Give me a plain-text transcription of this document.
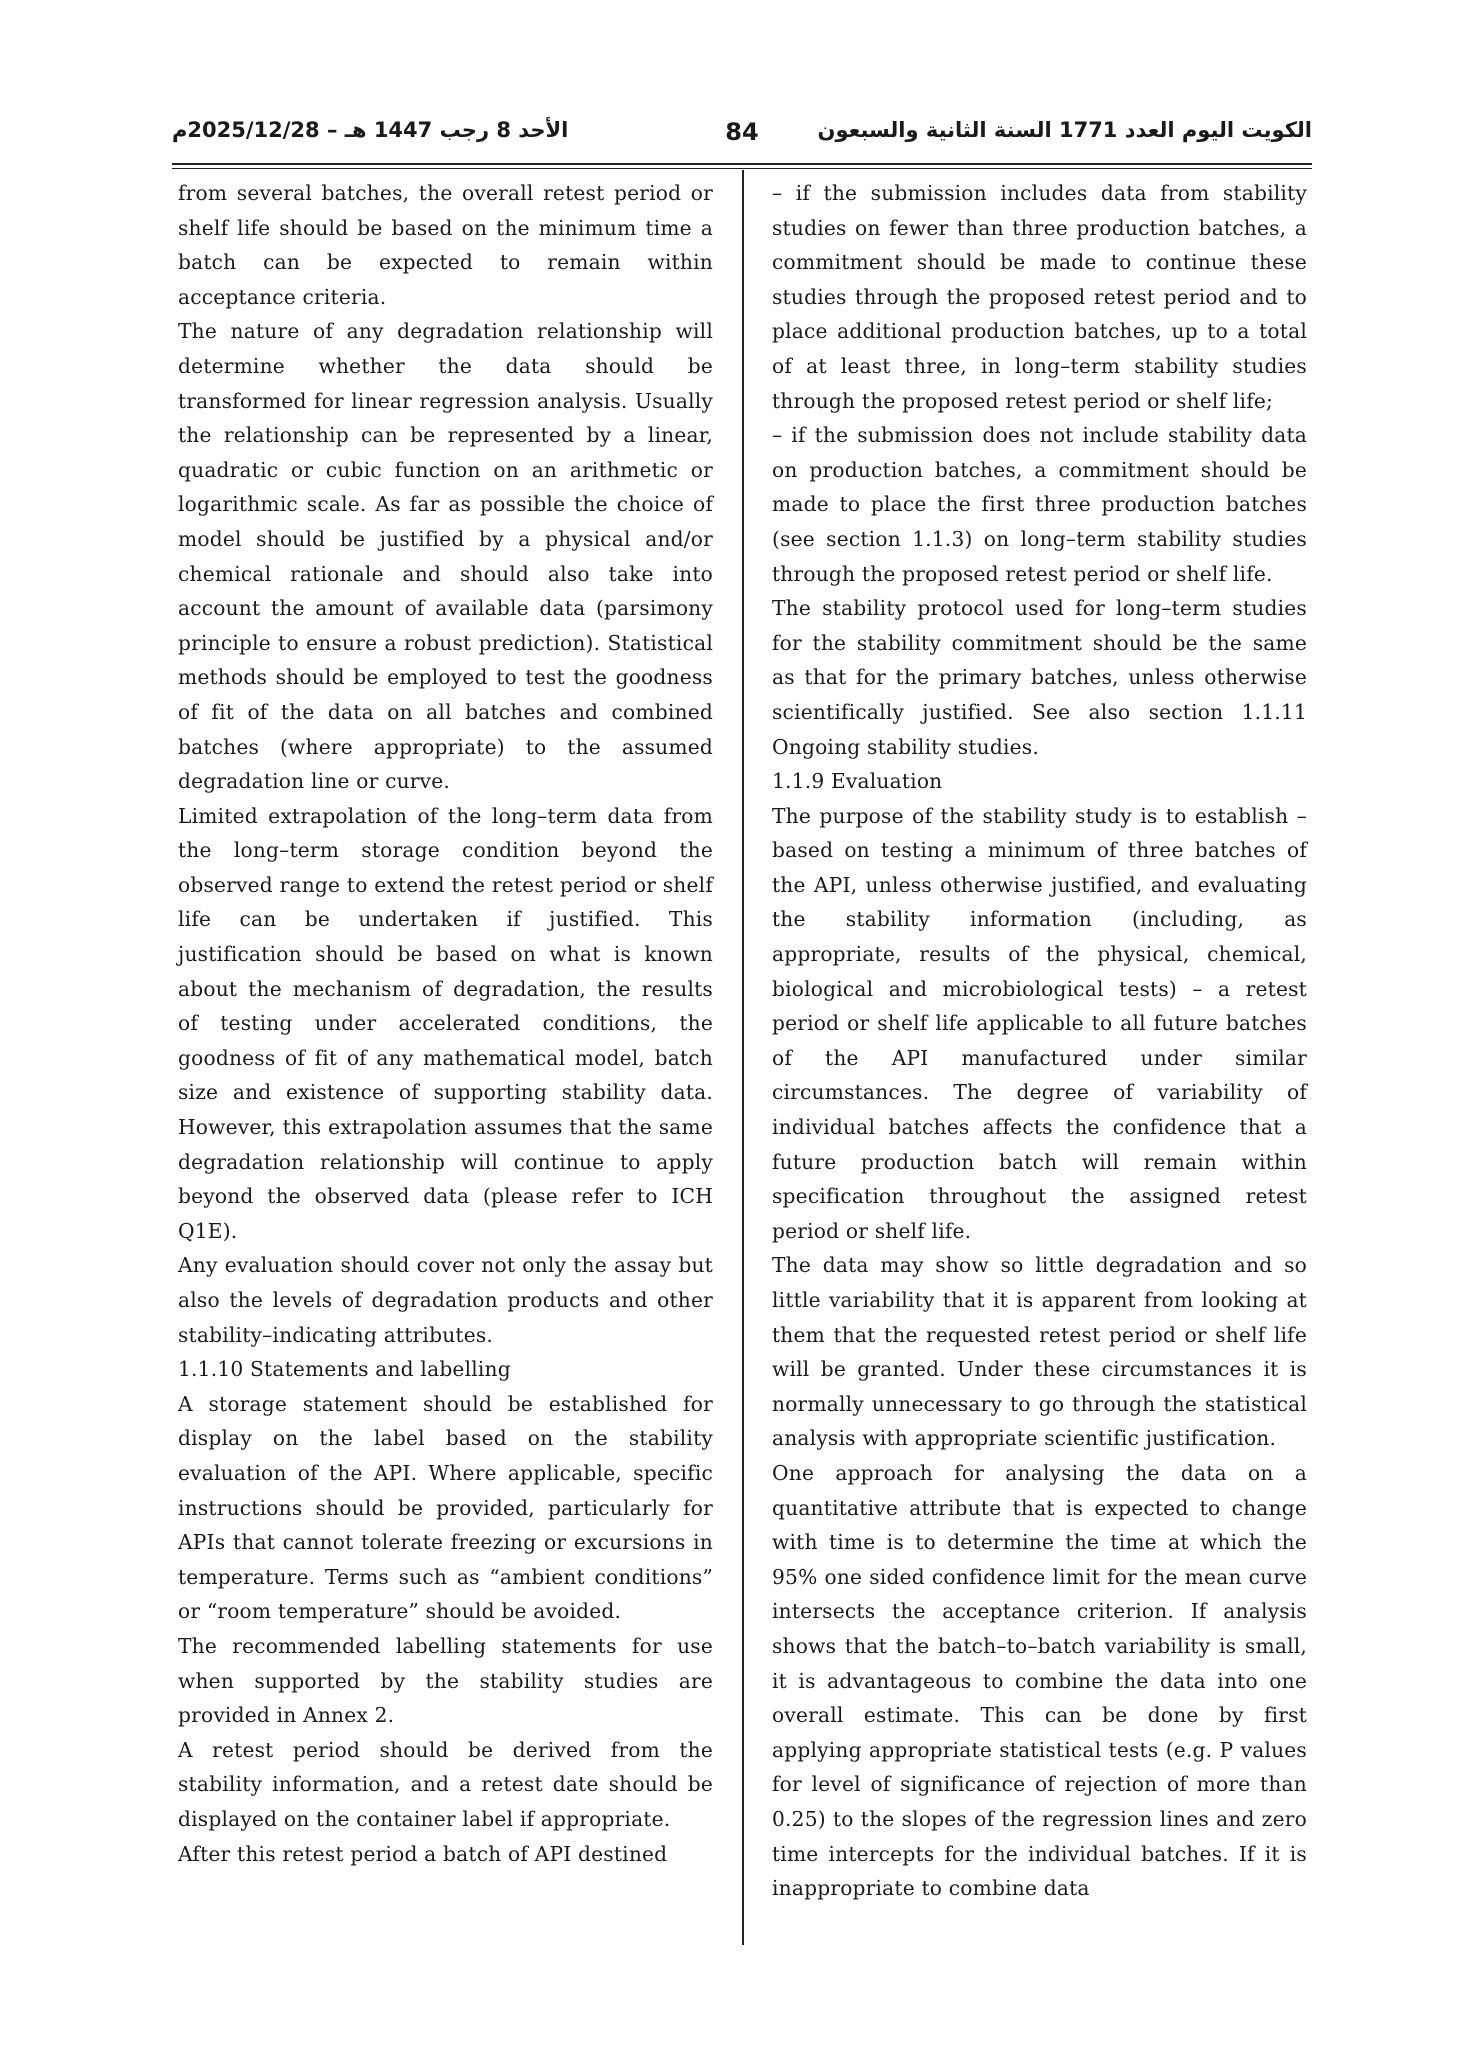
الكويت اليوم العدد 1771 السنة الثانية والسبعون
84
الأحد 8 رجب 1447 هـ – 2025/12/28م

from several batches, the overall retest period or shelf life should be based on the minimum time a batch can be expected to remain within acceptance criteria.

The nature of any degradation relationship will determine whether the data should be transformed for linear regression analysis. Usually the relationship can be represented by a linear, quadratic or cubic function on an arithmetic or logarithmic scale. As far as possible the choice of model should be justified by a physical and/or chemical rationale and should also take into account the amount of available data (parsimony principle to ensure a robust prediction). Statistical methods should be employed to test the goodness of fit of the data on all batches and combined batches (where appropriate) to the assumed degradation line or curve.

Limited extrapolation of the long–term data from the long–term storage condition beyond the observed range to extend the retest period or shelf life can be undertaken if justified. This justification should be based on what is known about the mechanism of degradation, the results of testing under accelerated conditions, the goodness of fit of any mathematical model, batch size and existence of supporting stability data. However, this extrapolation assumes that the same degradation relationship will continue to apply beyond the observed data (please refer to ICH Q1E).

Any evaluation should cover not only the assay but also the levels of degradation products and other stability–indicating attributes.

1.1.10 Statements and labelling

A storage statement should be established for display on the label based on the stability evaluation of the API. Where applicable, specific instructions should be provided, particularly for APIs that cannot tolerate freezing or excursions in temperature. Terms such as “ambient conditions” or “room temperature” should be avoided.

The recommended labelling statements for use when supported by the stability studies are provided in Annex 2.

A retest period should be derived from the stability information, and a retest date should be displayed on the container label if appropriate.

After this retest period a batch of API destined

– if the submission includes data from stability studies on fewer than three production batches, a commitment should be made to continue these studies through the proposed retest period and to place additional production batches, up to a total of at least three, in long–term stability studies through the proposed retest period or shelf life;

– if the submission does not include stability data on production batches, a commitment should be made to place the first three production batches (see section 1.1.3) on long–term stability studies through the proposed retest period or shelf life.

The stability protocol used for long–term studies for the stability commitment should be the same as that for the primary batches, unless otherwise scientifically justified. See also section 1.1.11 Ongoing stability studies.

1.1.9 Evaluation

The purpose of the stability study is to establish – based on testing a minimum of three batches of the API, unless otherwise justified, and evaluating the stability information (including, as appropriate, results of the physical, chemical, biological and microbiological tests) – a retest period or shelf life applicable to all future batches of the API manufactured under similar circumstances. The degree of variability of individual batches affects the confidence that a future production batch will remain within specification throughout the assigned retest period or shelf life.

The data may show so little degradation and so little variability that it is apparent from looking at them that the requested retest period or shelf life will be granted. Under these circumstances it is normally unnecessary to go through the statistical analysis with appropriate scientific justification.

One approach for analysing the data on a quantitative attribute that is expected to change with time is to determine the time at which the 95% one sided confidence limit for the mean curve intersects the acceptance criterion. If analysis shows that the batch–to–batch variability is small, it is advantageous to combine the data into one overall estimate. This can be done by first applying appropriate statistical tests (e.g. P values for level of significance of rejection of more than 0.25) to the slopes of the regression lines and zero time intercepts for the individual batches. If it is inappropriate to combine data
